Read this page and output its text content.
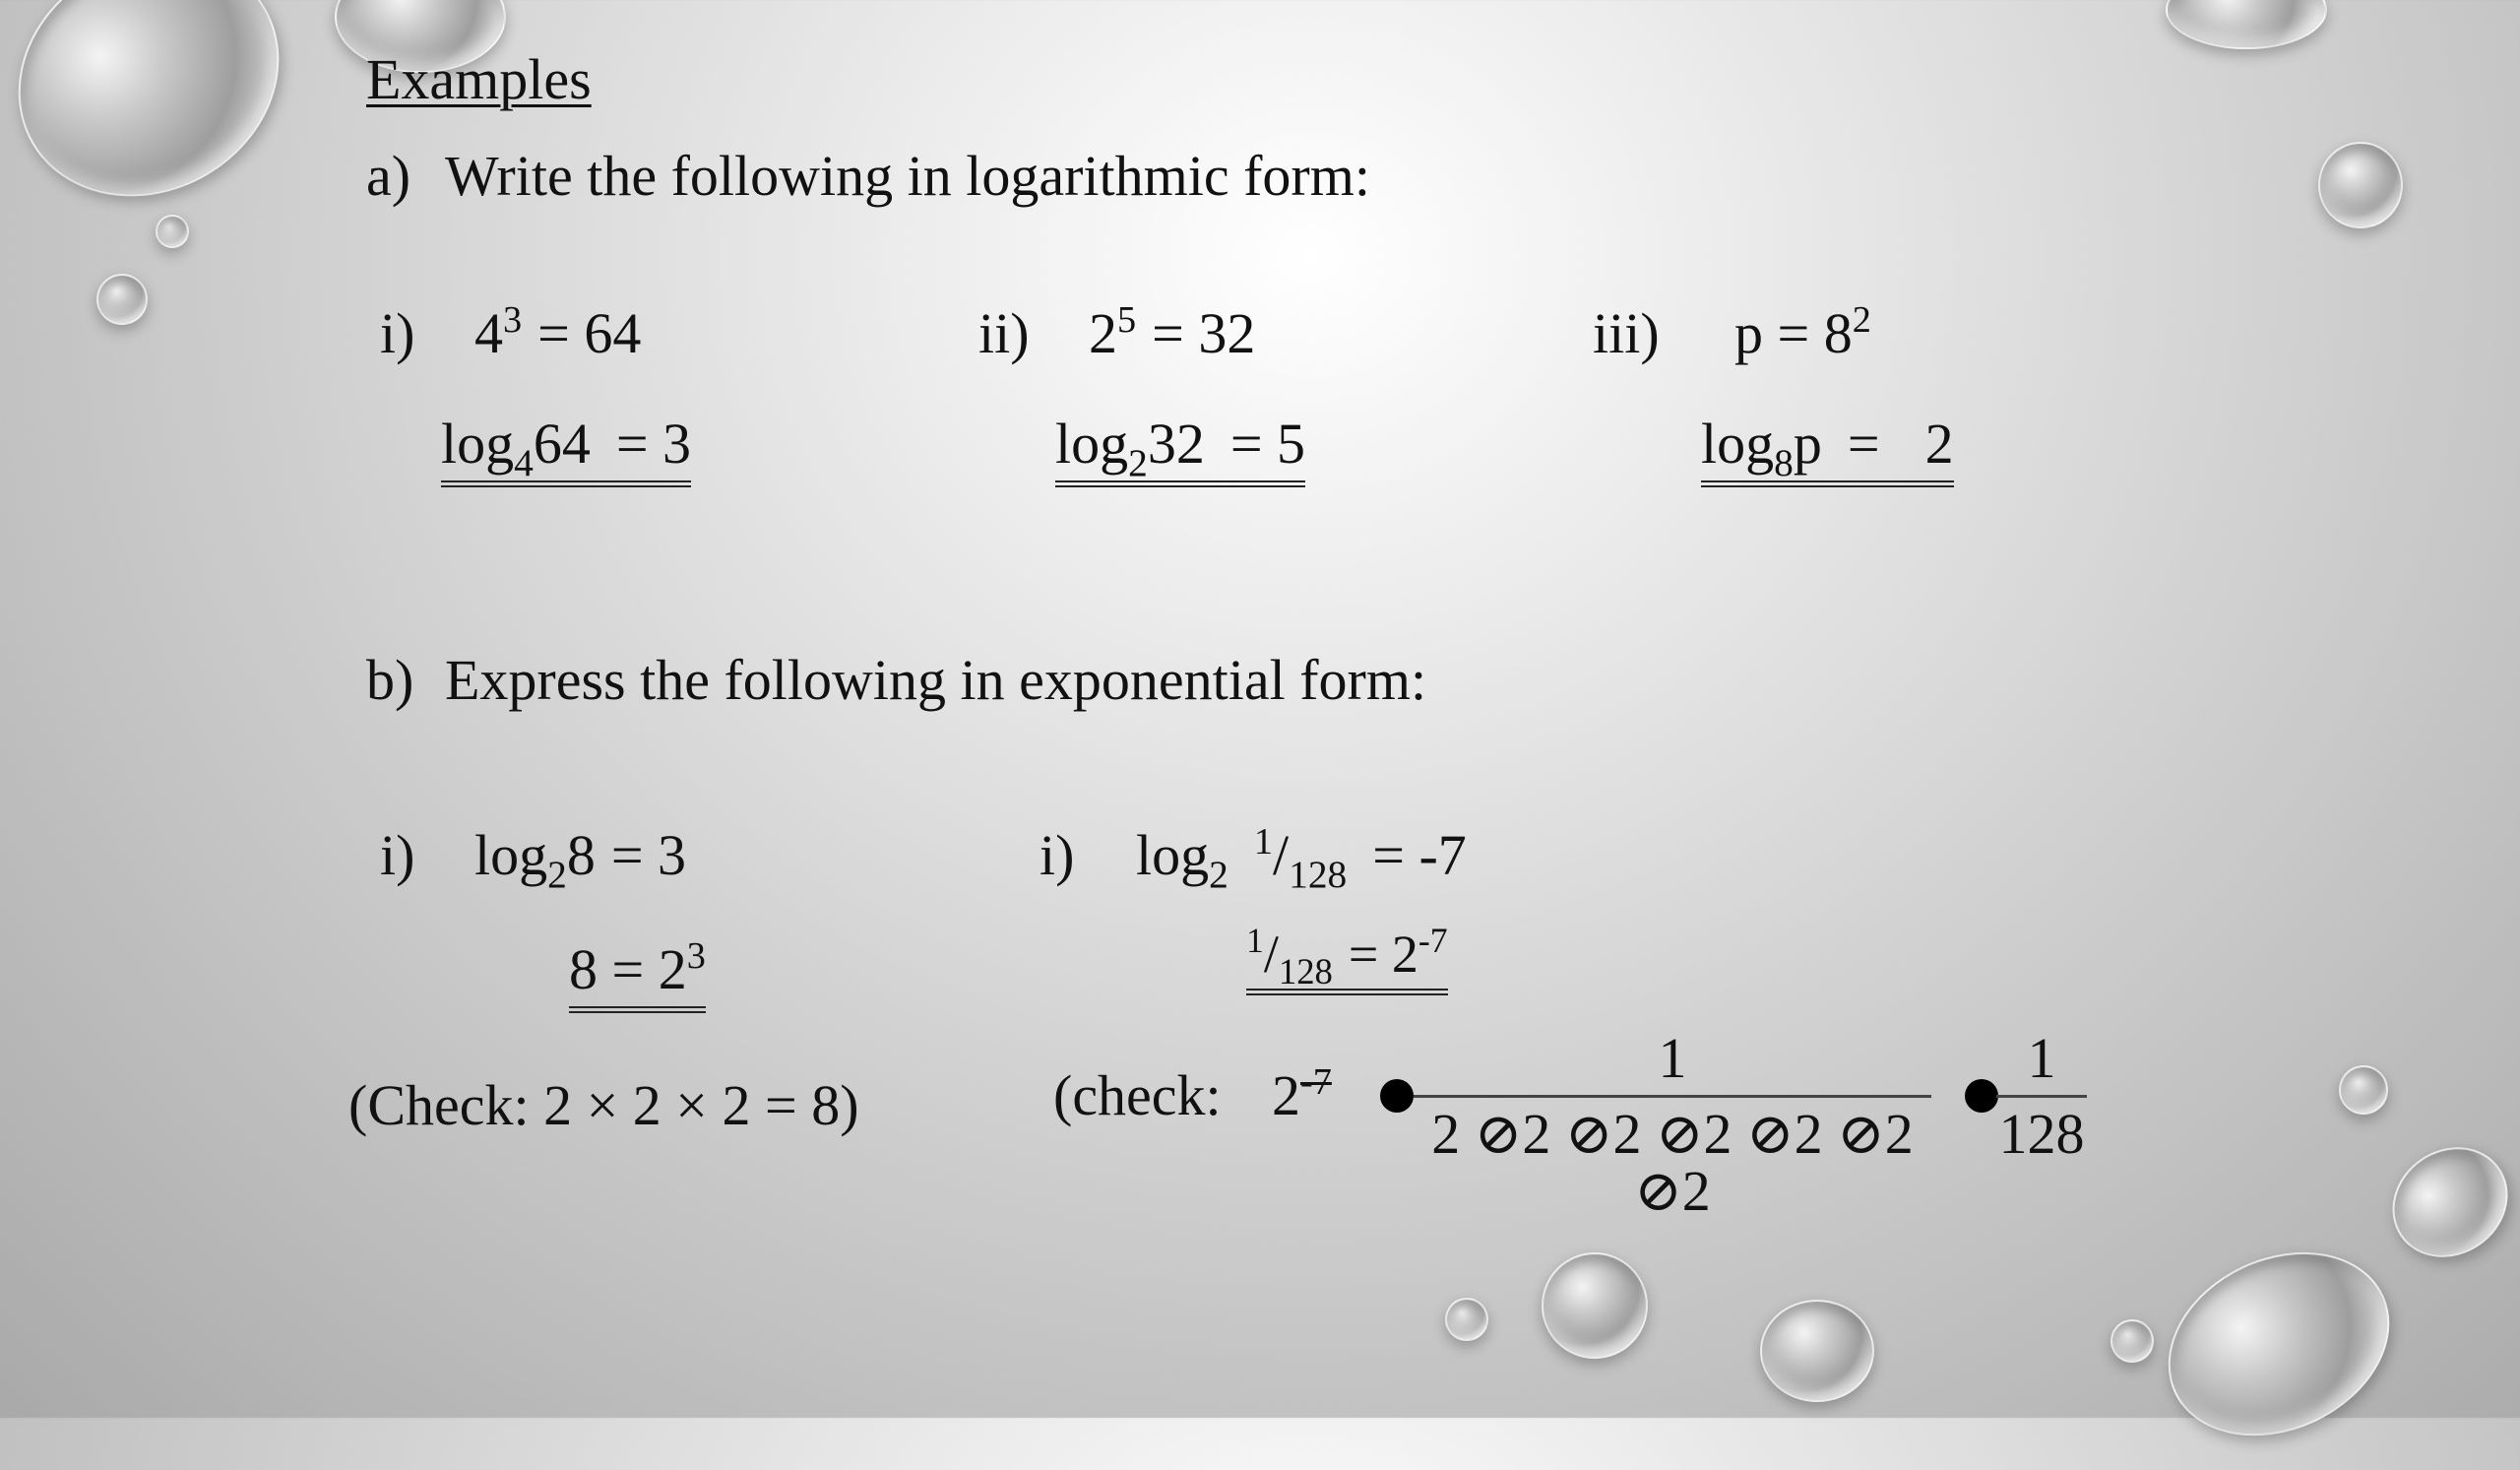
Examples
a) Write the following in logarithmic form:
i) $4^3 = 64$
$\log_464 = 3$
ii) $2^5 = 32$
$\log_232 = 5$
iii) $p = 8^2$
$\log_8p = 2$
b) Express the following in exponential form:
i) $\log_28 = 3$
$8 = 2^3$
(Check: 2 × 2 × 2 = 8)
i) $\log_2^1/_{128} = -7$
$^1/_{128} = 2^{-7}$
(check: $2^{-7}$	1
2 ⊘2 ⊘2 ⊘2 ⊘2 ⊘2 ⊘2
1
128
